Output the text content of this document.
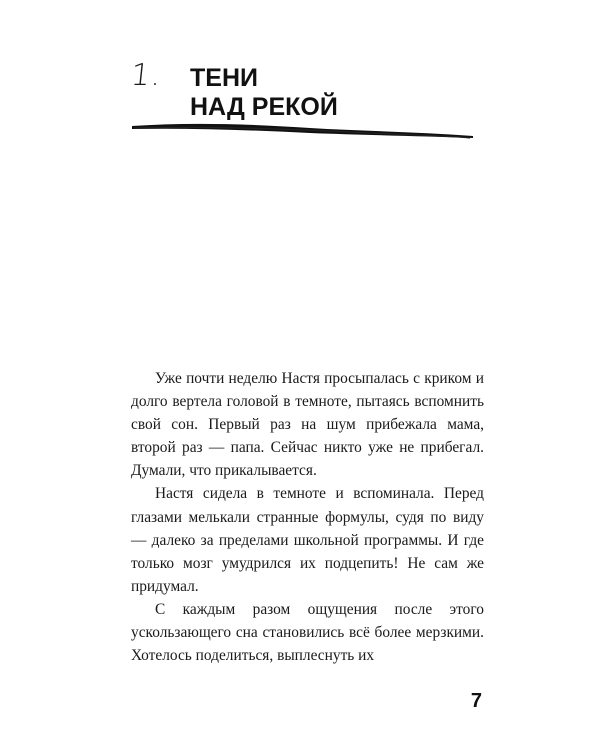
1. ТЕНИ
НАД РЕКОЙ

Уже почти неделю Настя просыпалась с криком и долго вертела головой в темноте, пытаясь вспомнить свой сон. Первый раз на шум прибежала мама, второй раз — папа. Сейчас никто уже не прибегал. Думали, что прикалывается.

Настя сидела в темноте и вспоминала. Перед глазами мелькали странные формулы, судя по виду — далеко за пределами школьной программы. И где только мозг умудрился их подцепить! Не сам же придумал.

С каждым разом ощущения после этого ускользающего сна становились всё более мерзкими. Хотелось поделиться, выплеснуть их

7
